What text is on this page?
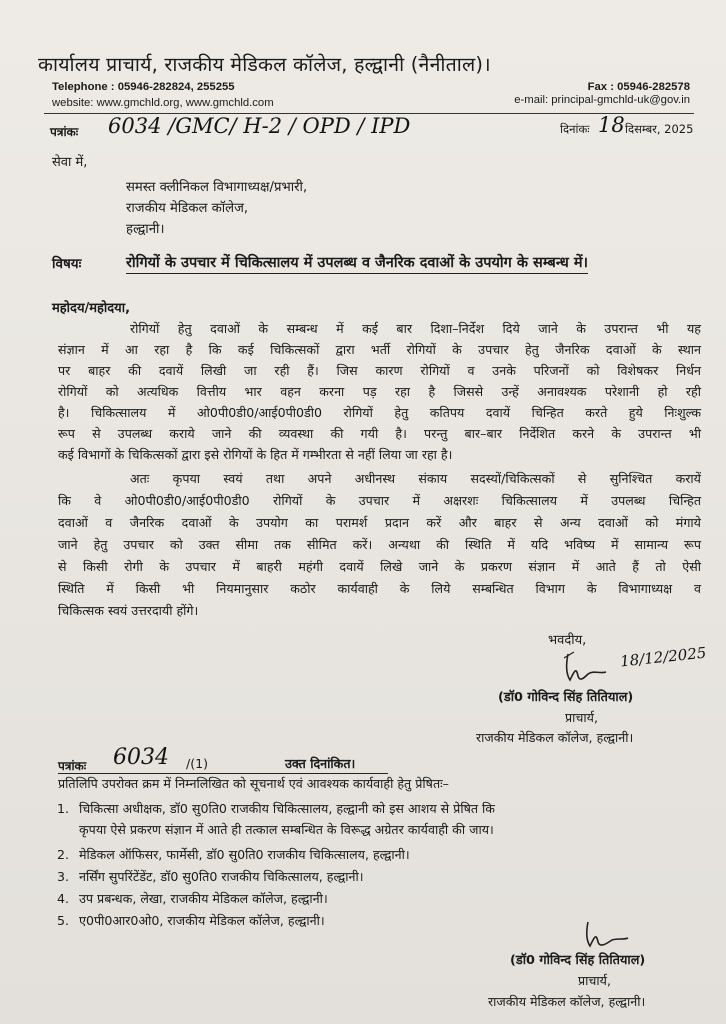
कार्यालय प्राचार्य, राजकीय मेडिकल कॉलेज, हल्द्वानी (नैनीताल)।
Telephone : 05946-282824, 255255	Fax : 05946-282578
website: www.gmchld.org, www.gmchld.com	e-mail: principal-gmchld-uk@gov.in
पत्रांकः 6034 /GMC/ H-2 / OPD / IPD	दिनांकः 18 दिसम्बर, 2025
सेवा में,
समस्त क्लीनिकल विभागाध्यक्ष/प्रभारी,
राजकीय मेडिकल कॉलेज,
हल्द्वानी।
विषयः	रोगियों के उपचार में चिकित्सालय में उपलब्ध व जैनरिक दवाओं के उपयोग के सम्बन्ध में।
महोदय/महोदया,
रोगियों हेतु दवाओं के सम्बन्ध में कई बार दिशा–निर्देश दिये जाने के उपरान्त भी यह
संज्ञान में आ रहा है कि कई चिकित्सकों द्वारा भर्ती रोगियों के उपचार हेतु जैनरिक दवाओं के स्थान
पर बाहर की दवायें लिखी जा रही हैं। जिस कारण रोगियों व उनके परिजनों को विशेषकर निर्धन
रोगियों को अत्यधिक वित्तीय भार वहन करना पड़ रहा है जिससे उन्हें अनावश्यक परेशानी हो रही
है। चिकित्सालय में ओ0पी0डी0/आई0पी0डी0 रोगियों हेतु कतिपय दवायें चिन्हित करते हुये निःशुल्क
रूप से उपलब्ध कराये जाने की व्यवस्था की गयी है। परन्तु बार–बार निर्देशित करने के उपरान्त भी
कई विभागों के चिकित्सकों द्वारा इसे रोगियों के हित में गम्भीरता से नहीं लिया जा रहा है।
अतः कृपया स्वयं तथा अपने अधीनस्थ संकाय सदस्यों/चिकित्सकों से सुनिश्चित करायें
कि वे ओ0पी0डी0/आई0पी0डी0 रोगियों के उपचार में अक्षरशः चिकित्सालय में उपलब्ध चिन्हित
दवाओं व जैनरिक दवाओं के उपयोग का परामर्श प्रदान करें और बाहर से अन्य दवाओं को मंगाये
जाने हेतु उपचार को उक्त सीमा तक सीमित करें। अन्यथा की स्थिति में यदि भविष्य में सामान्य रूप
से किसी रोगी के उपचार में बाहरी महंगी दवायें लिखे जाने के प्रकरण संज्ञान में आते हैं तो ऐसी
स्थिति में किसी भी नियमानुसार कठोर कार्यवाही के लिये सम्बन्धित विभाग के विभागाध्यक्ष व
चिकित्सक स्वयं उत्तरदायी होंगे।
भवदीय,
18/12/2025
(डॉ0 गोविन्द सिंह तितियाल)
प्राचार्य,
राजकीय मेडिकल कॉलेज, हल्द्वानी।
पत्रांकः 6034 /(1)	उक्त दिनांकित।
प्रतिलिपि उपरोक्त क्रम में निम्नलिखित को सूचनार्थ एवं आवश्यक कार्यवाही हेतु प्रेषितः–
1. चिकित्सा अधीक्षक, डॉ0 सु0ति0 राजकीय चिकित्सालय, हल्द्वानी को इस आशय से प्रेषित कि
कृपया ऐसे प्रकरण संज्ञान में आते ही तत्काल सम्बन्धित के विरूद्ध अग्रेतर कार्यवाही की जाय।
2. मेडिकल ऑफिसर, फार्मेसी, डॉ0 सु0ति0 राजकीय चिकित्सालय, हल्द्वानी।
3. नर्सिंग सुपरिंटेंडेंट, डॉ0 सु0ति0 राजकीय चिकित्सालय, हल्द्वानी।
4. उप प्रबन्धक, लेखा, राजकीय मेडिकल कॉलेज, हल्द्वानी।
5. ए0पी0आर0ओ0, राजकीय मेडिकल कॉलेज, हल्द्वानी।
(डॉ0 गोविन्द सिंह तितियाल)
प्राचार्य,
राजकीय मेडिकल कॉलेज, हल्द्वानी।
